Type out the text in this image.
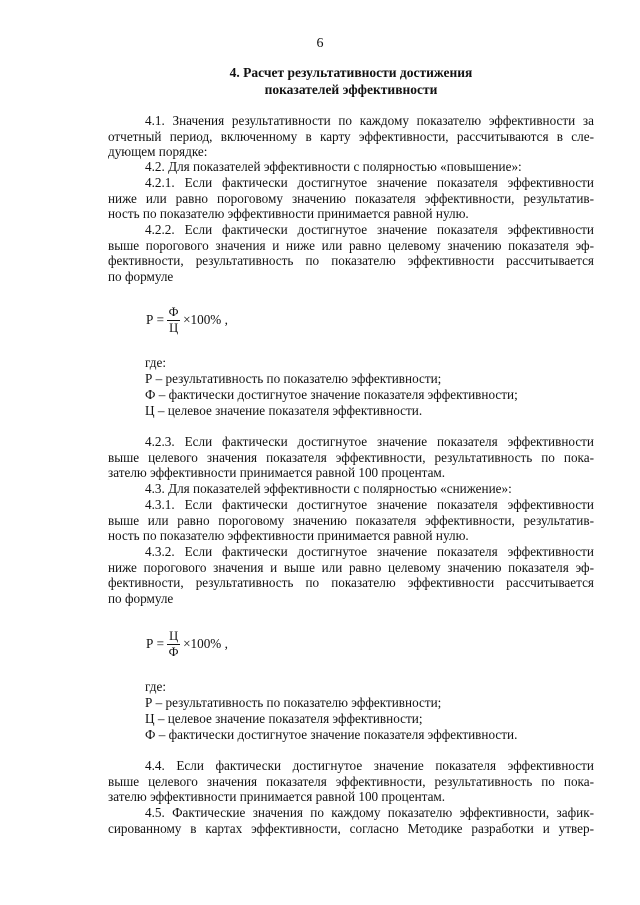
6
4. Расчет результативности достижения
показателей эффективности
4.1. Значения результативности по каждому показателю эффективности за
отчетный период, включенному в карту эффективности, рассчитываются в сле-
дующем порядке:
4.2. Для показателей эффективности с полярностью «повышение»:
4.2.1. Если фактически достигнутое значение показателя эффективности
ниже или равно пороговому значению показателя эффективности, результатив-
ность по показателю эффективности принимается равной нулю.
4.2.2. Если фактически достигнутое значение показателя эффективности
выше порогового значения и ниже или равно целевому значению показателя эф-
фективности, результативность по показателю эффективности рассчитывается
по формуле
$Р = \frac{Ф}{Ц} \times 100\%$ ,
где:
Р – результативность по показателю эффективности;
Ф – фактически достигнутое значение показателя эффективности;
Ц – целевое значение показателя эффективности.
4.2.3. Если фактически достигнутое значение показателя эффективности
выше целевого значения показателя эффективности, результативность по пока-
зателю эффективности принимается равной 100 процентам.
4.3. Для показателей эффективности с полярностью «снижение»:
4.3.1. Если фактически достигнутое значение показателя эффективности
выше или равно пороговому значению показателя эффективности, результатив-
ность по показателю эффективности принимается равной нулю.
4.3.2. Если фактически достигнутое значение показателя эффективности
ниже порогового значения и выше или равно целевому значению показателя эф-
фективности, результативность по показателю эффективности рассчитывается
по формуле
$Р = \frac{Ц}{Ф} \times 100\%$ ,
где:
Р – результативность по показателю эффективности;
Ц – целевое значение показателя эффективности;
Ф – фактически достигнутое значение показателя эффективности.
4.4. Если фактически достигнутое значение показателя эффективности
выше целевого значения показателя эффективности, результативность по пока-
зателю эффективности принимается равной 100 процентам.
4.5. Фактические значения по каждому показателю эффективности, зафик-
сированному в картах эффективности, согласно Методике разработки и утвер-
